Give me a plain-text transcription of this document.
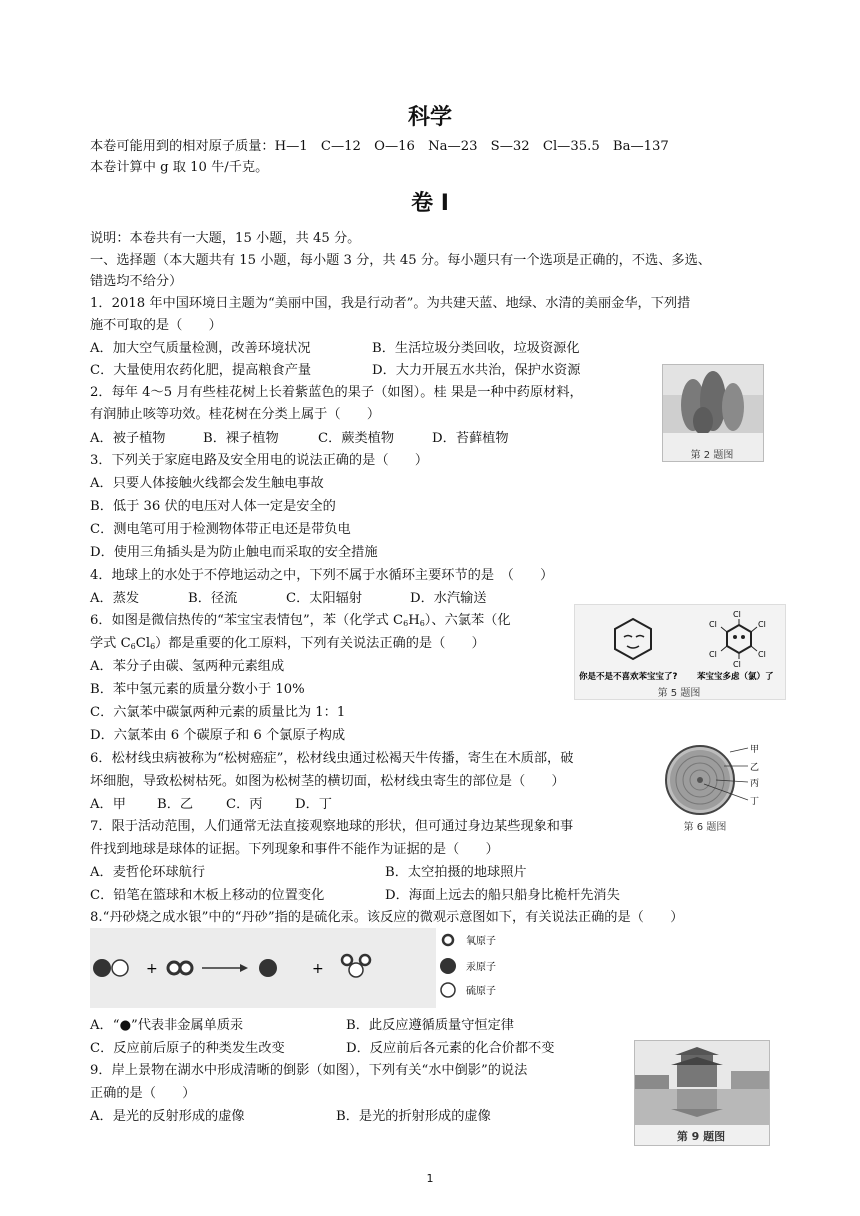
科学
本卷可能用到的相对原子质量：H—1　C—12　O—16　Na—23　S—32　Cl—35.5　Ba—137
本卷计算中 g 取 10 牛/千克。
卷 I
说明：本卷共有一大题，15 小题，共 45 分。
一、选择题（本大题共有 15 小题，每小题 3 分，共 45 分。每小题只有一个选项是正确的，不选、多选、
错选均不给分）
1．2018 年中国环境日主题为“美丽中国，我是行动者”。为共建天蓝、地绿、水清的美丽金华，下列措
施不可取的是（　　）
A．加大空气质量检测，改善环境状况	B．生活垃圾分类回收，垃圾资源化
C．大量使用农药化肥，提高粮食产量	D．大力开展五水共治，保护水资源
2．每年 4～5 月有些桂花树上长着紫蓝色的果子（如图）。桂 果是一种中药原材料，
有润肺止咳等功效。桂花树在分类上属于（　　）
A．被子植物	B．裸子植物	C．蕨类植物	D．苔藓植物
第 2 题图
3．下列关于家庭电路及安全用电的说法正确的是（　　）
A．只要人体接触火线都会发生触电事故
B．低于 36 伏的电压对人体一定是安全的
C．测电笔可用于检测物体带正电还是带负电
D．使用三角插头是为防止触电而采取的安全措施
4．地球上的水处于不停地运动之中，下列不属于水循环主要环节的是　（　　）
A．蒸发	B．径流	C．太阳辐射	D．水汽输送
6．如图是微信热传的“苯宝宝表情包”，苯（化学式 $C_6H_6$）、六氯苯（化
学式 $C_6Cl_6$）都是重要的化工原料，下列有关说法正确的是（　　）
A．苯分子由碳、氢两种元素组成
B．苯中氢元素的质量分数小于 10%
C．六氯苯中碳氯两种元素的质量比为 1：1
D．六氯苯由 6 个碳原子和 6 个氯原子构成
Cl	Cl
Cl
Cl
Cl
Cl
你是不是不喜欢苯宝宝了? 苯宝宝多虑（氯）了
第 5 题图
6．松材线虫病被称为“松树癌症”，松材线虫通过松褐天牛传播，寄生在木质部，破
坏细胞，导致松树枯死。如图为松树茎的横切面，松材线虫寄生的部位是（　　）
A．甲 B．乙 C．丙 D．丁
甲
乙
丙
丁
第 6 题图
7．限于活动范围，人们通常无法直接观察地球的形状，但可通过身边某些现象和事
件找到地球是球体的证据。下列现象和事件不能作为证据的是（　　）
A．麦哲伦环球航行	B．太空拍摄的地球照片
C．铅笔在篮球和木板上移动的位置变化	D．海面上远去的船只船身比桅杆先消失
8.“丹砂烧之成水银”中的“丹砂”指的是硫化汞。该反应的微观示意图如下，有关说法正确的是（　　）
+	+
氧原子
汞原子
硫原子
A．“●”代表非金属单质汞	B．此反应遵循质量守恒定律
C．反应前后原子的种类发生改变	D．反应前后各元素的化合价都不变
9．岸上景物在湖水中形成清晰的倒影（如图），下列有关“水中倒影”的说法
正确的是（　　）
A．是光的反射形成的虚像	B．是光的折射形成的虚像
第 9 题图
1
